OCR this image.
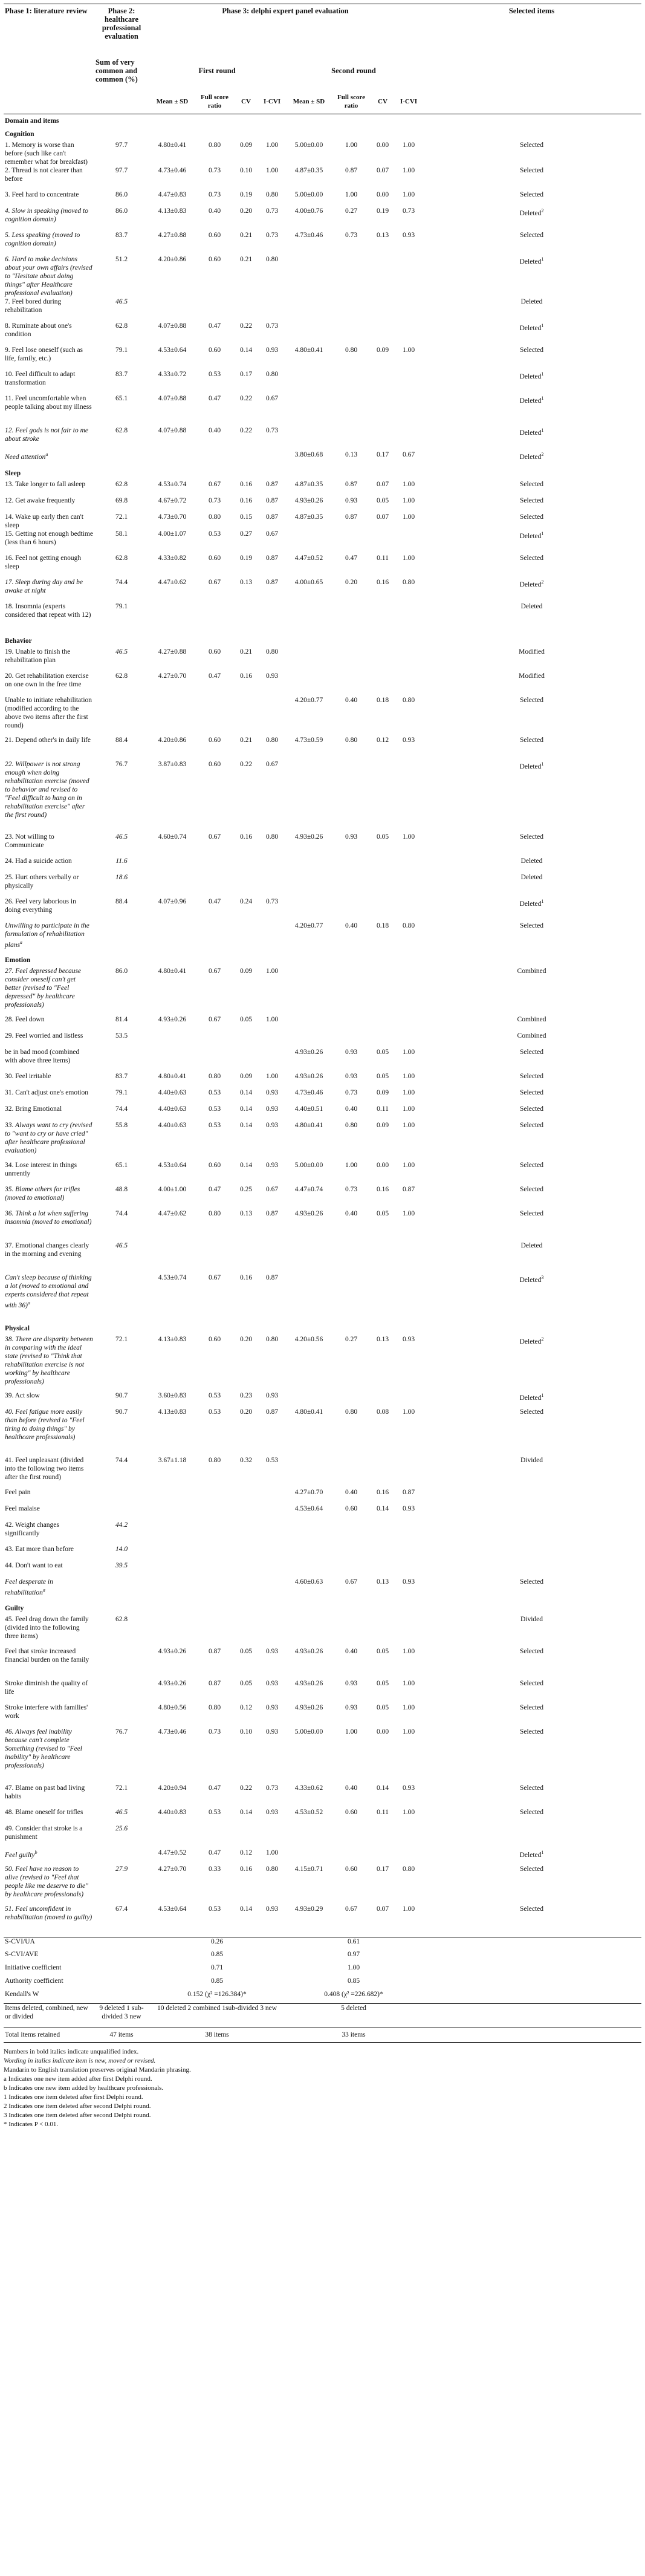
Phase 1: literature review	Phase 2: healthcare professional evaluation	Phase 3: delphi expert panel evaluation								Selected items
	Sum of very common and common (%)	First round				Second round				
		Mean ± SD	Full score ratio	CV	I-CVI	Mean ± SD	Full score ratio	CV	I-CVI	
Domain and items										
Cognition										
1. Memory is worse than before (such like can't remember what for breakfast)	97.7	4.80±0.41	0.80	0.09	1.00	5.00±0.00	1.00	0.00	1.00	Selected
2. Thread is not clearer than before	97.7	4.73±0.46	0.73	0.10	1.00	4.87±0.35	0.87	0.07	1.00	Selected
3. Feel hard to concentrate	86.0	4.47±0.83	0.73	0.19	0.80	5.00±0.00	1.00	0.00	1.00	Selected
4. Slow in speaking (moved to cognition domain)	86.0	4.13±0.83	0.40	0.20	0.73	4.00±0.76	0.27	0.19	0.73	Deleted$^2$
5. Less speaking (moved to cognition domain)	83.7	4.27±0.88	0.60	0.21	0.73	4.73±0.46	0.73	0.13	0.93	Selected
6. Hard to make decisions about your own affairs (revised to "Hesitate about doing things" after Healthcare professional evaluation)	51.2	4.20±0.86	0.60	0.21	0.80					Deleted$^1$
7. Feel bored during rehabilitation	46.5									Deleted
8. Ruminate about one's condition	62.8	4.07±0.88	0.47	0.22	0.73					Deleted$^1$
9. Feel lose oneself (such as life, family, etc.)	79.1	4.53±0.64	0.60	0.14	0.93	4.80±0.41	0.80	0.09	1.00	Selected
10. Feel difficult to adapt transformation	83.7	4.33±0.72	0.53	0.17	0.80					Deleted$^1$
11. Feel uncomfortable when people talking about my illness	65.1	4.07±0.88	0.47	0.22	0.67					Deleted$^1$
12. Feel gods is not fair to me about stroke	62.8	4.07±0.88	0.40	0.22	0.73					Deleted$^1$
Need attention$^a$						3.80±0.68	0.13	0.17	0.67	Deleted$^2$
Sleep										
13. Take longer to fall asleep	62.8	4.53±0.74	0.67	0.16	0.87	4.87±0.35	0.87	0.07	1.00	Selected
12. Get awake frequently	69.8	4.67±0.72	0.73	0.16	0.87	4.93±0.26	0.93	0.05	1.00	Selected
14. Wake up early then can't sleep	72.1	4.73±0.70	0.80	0.15	0.87	4.87±0.35	0.87	0.07	1.00	Selected
15. Getting not enough bedtime (less than 6 hours)	58.1	4.00±1.07	0.53	0.27	0.67					Deleted$^1$
16. Feel not getting enough sleep	62.8	4.33±0.82	0.60	0.19	0.87	4.47±0.52	0.47	0.11	1.00	Selected
17. Sleep during day and be awake at night	74.4	4.47±0.62	0.67	0.13	0.87	4.00±0.65	0.20	0.16	0.80	Deleted$^2$
18. Insomnia (experts considered that repeat with 12)	79.1									Deleted
Behavior										
19. Unable to finish the rehabilitation plan	46.5	4.27±0.88	0.60	0.21	0.80					Modified
20. Get rehabilitation exercise on one own in the free time	62.8	4.27±0.70	0.47	0.16	0.93					Modified
Unable to initiate rehabilitation (modified according to the above two items after the first round)						4.20±0.77	0.40	0.18	0.80	Selected
21. Depend other's in daily life	88.4	4.20±0.86	0.60	0.21	0.80	4.73±0.59	0.80	0.12	0.93	Selected
22. Willpower is not strong enough when doing rehabilitation exercise (moved to behavior and revised to "Feel difficult to hang on in rehabilitation exercise" after the first round)	76.7	3.87±0.83	0.60	0.22	0.67					Deleted$^1$
23. Not willing to Communicate	46.5	4.60±0.74	0.67	0.16	0.80	4.93±0.26	0.93	0.05	1.00	Selected
24. Had a suicide action	11.6									Deleted
25. Hurt others verbally or physically	18.6									Deleted
26. Feel very laborious in doing everything	88.4	4.07±0.96	0.47	0.24	0.73					Deleted$^1$
Unwilling to participate in the formulation of rehabilitation plans$^a$						4.20±0.77	0.40	0.18	0.80	Selected
Emotion										
27. Feel depressed because consider oneself can't get better (revised to "Feel depressed" by healthcare professionals)	86.0	4.80±0.41	0.67	0.09	1.00					Combined
28. Feel down	81.4	4.93±0.26	0.67	0.05	1.00					Combined
29. Feel worried and listless	53.5									Combined
be in bad mood (combined with above three items)						4.93±0.26	0.93	0.05	1.00	Selected
30. Feel irritable	83.7	4.80±0.41	0.80	0.09	1.00	4.93±0.26	0.93	0.05	1.00	Selected
31. Can't adjust one's emotion	79.1	4.40±0.63	0.53	0.14	0.93	4.73±0.46	0.73	0.09	1.00	Selected
32. Bring Emotional	74.4	4.40±0.63	0.53	0.14	0.93	4.40±0.51	0.40	0.11	1.00	Selected
33. Always want to cry (revised to "want to cry or have cried" after healthcare professional evaluation)	55.8	4.40±0.63	0.53	0.14	0.93	4.80±0.41	0.80	0.09	1.00	Selected
34. Lose interest in things unrrently	65.1	4.53±0.64	0.60	0.14	0.93	5.00±0.00	1.00	0.00	1.00	Selected
35. Blame others for trifles (moved to emotional)	48.8	4.00±1.00	0.47	0.25	0.67	4.47±0.74	0.73	0.16	0.87	Selected
36. Think a lot when suffering insomnia (moved to emotional)	74.4	4.47±0.62	0.80	0.13	0.87	4.93±0.26	0.40	0.05	1.00	Selected
37. Emotional changes clearly in the morning and evening	46.5									Deleted
Can't sleep because of thinking a lot (moved to emotional and experts considered that repeat with 36)$^a$		4.53±0.74	0.67	0.16	0.87					Deleted$^3$
Physical										
38. There are disparity between in comparing with the ideal state (revised to "Think that rehabilitation exercise is not working" by healthcare professionals)	72.1	4.13±0.83	0.60	0.20	0.80	4.20±0.56	0.27	0.13	0.93	Deleted$^2$
39. Act slow	90.7	3.60±0.83	0.53	0.23	0.93					Deleted$^1$
40. Feel fatigue more easily than before (revised to "Feel tiring to doing things" by healthcare professionals)	90.7	4.13±0.83	0.53	0.20	0.87	4.80±0.41	0.80	0.08	1.00	Selected
41. Feel unpleasant (divided into the following two items after the first round)	74.4	3.67±1.18	0.80	0.32	0.53					Divided
Feel pain						4.27±0.70	0.40	0.16	0.87	
Feel malaise						4.53±0.64	0.60	0.14	0.93	
42. Weight changes significantly	44.2									
43. Eat more than before	14.0									
44. Don't want to eat	39.5									
Feel desperate in rehabilitation$^a$						4.60±0.63	0.67	0.13	0.93	Selected
Guilty										
45. Feel drag down the family (divided into the following three items)	62.8									Divided
Feel that stroke increased financial burden on the family		4.93±0.26	0.87	0.05	0.93	4.93±0.26	0.40	0.05	1.00	Selected
Stroke diminish the quality of life		4.93±0.26	0.87	0.05	0.93	4.93±0.26	0.93	0.05	1.00	Selected
Stroke interfere with families' work		4.80±0.56	0.80	0.12	0.93	4.93±0.26	0.93	0.05	1.00	Selected
46. Always feel inability because can't complete Something (revised to "Feel inability" by healthcare professionals)	76.7	4.73±0.46	0.73	0.10	0.93	5.00±0.00	1.00	0.00	1.00	Selected
47. Blame on past bad living habits	72.1	4.20±0.94	0.47	0.22	0.73	4.33±0.62	0.40	0.14	0.93	Selected
48. Blame oneself for trifles	46.5	4.40±0.83	0.53	0.14	0.93	4.53±0.52	0.60	0.11	1.00	Selected
49. Consider that stroke is a punishment	25.6									
Feel guilty$^b$		4.47±0.52	0.47	0.12	1.00					Deleted$^1$
50. Feel have no reason to alive (revised to "Feel that people like me deserve to die" by healthcare professionals)	27.9	4.27±0.70	0.33	0.16	0.80	4.15±0.71	0.60	0.17	0.80	Selected
51. Feel uncomfident in rehabilitation (moved to guilty)	67.4	4.53±0.64	0.53	0.14	0.93	4.93±0.29	0.67	0.07	1.00	Selected
S-CVI/UA		0.26				0.61				
S-CVI/AVE		0.85				0.97				
Initiative coefficient		0.71				1.00				
Authority coefficient		0.85				0.85				
Kendall's W		0.152 (χ² =126.384)*				0.408 (χ² =226.682)*				
Items deleted, combined, new or divided	9 deleted 1 sub-divided 3 new	10 deleted 2 combined 1sub-divided 3 new				5 deleted				
Total items retained	47 items	38 items				33 items				
Numbers in bold italics indicate unqualified index.
Wording in italics indicate item is new, moved or revised.
Mandarin to English translation preserves original Mandarin phrasing.
a Indicates one new item added after first Delphi round.
b Indicates one new item added by healthcare professionals.
1 Indicates one item deleted after first Delphi round.
2 Indicates one item deleted after second Delphi round.
3 Indicates one item deleted after second Delphi round.
* Indicates P < 0.01.
